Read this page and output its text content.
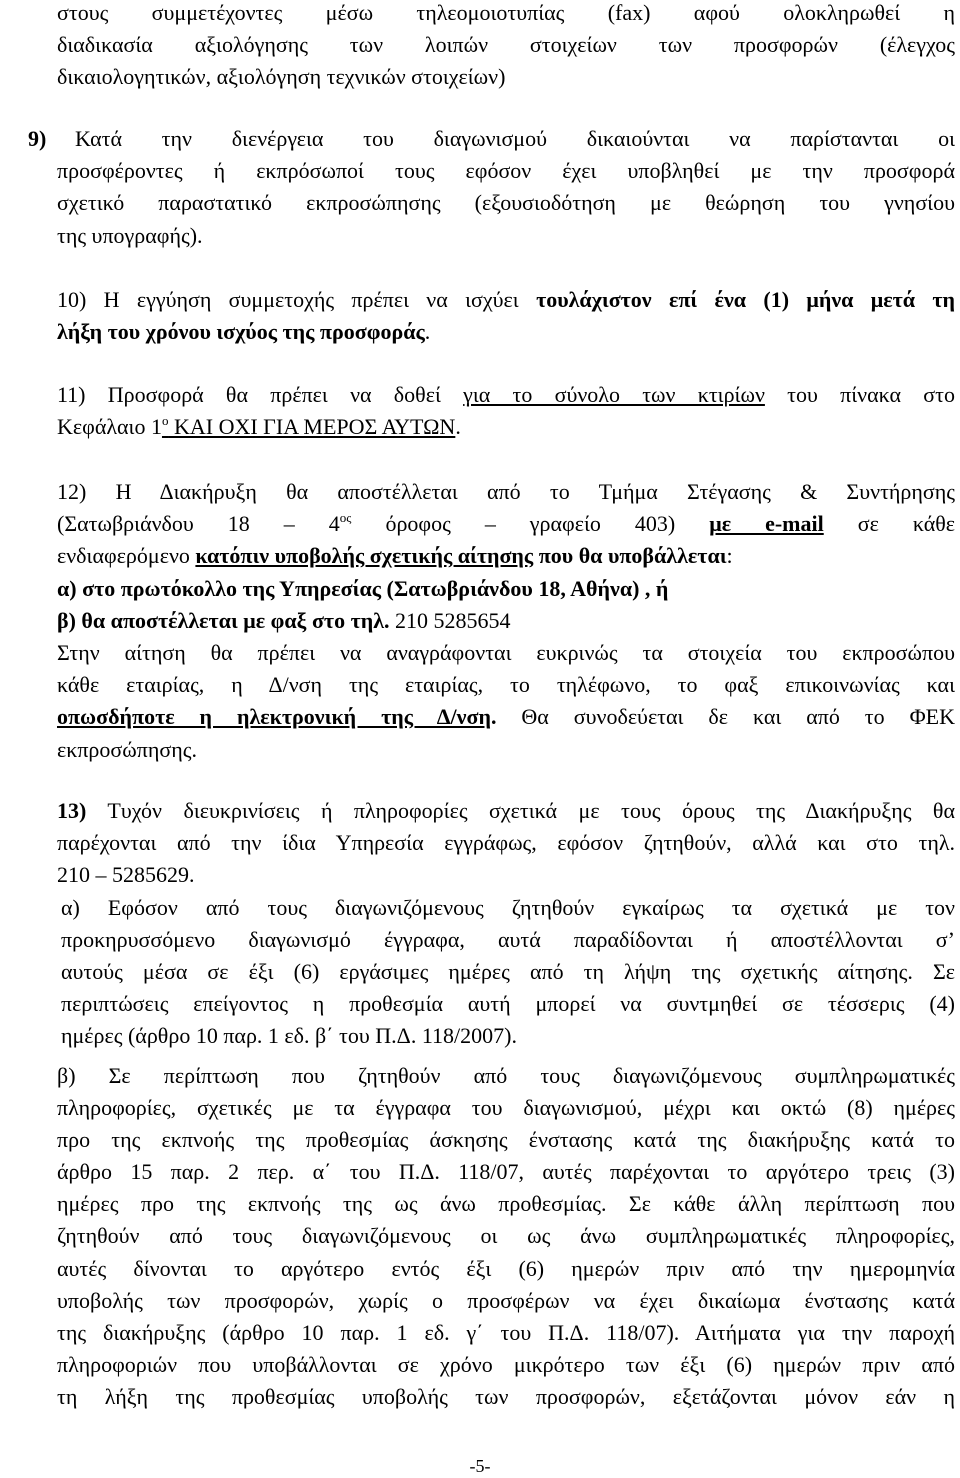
στους συμμετέχοντες μέσω τηλεομοιοτυπίας (fax) αφού ολοκληρωθεί η

διαδικασία αξιολόγησης των λοιπών στοιχείων των προσφορών (έλεγχος

δικαιολογητικών, αξιολόγηση τεχνικών στοιχείων)

9) Κατά την διενέργεια του διαγωνισμού δικαιούνται να παρίστανται οι

προσφέροντες ή εκπρόσωποί τους εφόσον έχει υποβληθεί με την προσφορά

σχετικό παραστατικό εκπροσώπησης (εξουσιοδότηση με θεώρηση του γνησίου

της υπογραφής).

10) Η εγγύηση συμμετοχής πρέπει να ισχύει τουλάχιστον επί ένα (1) μήνα μετά τη

λήξη του χρόνου ισχύος της προσφοράς.

11) Προσφορά θα πρέπει να δοθεί για το σύνολο των κτιρίων του πίνακα στο

Κεφάλαιο $1^o$ ΚΑΙ ΟΧΙ ΓΙΑ ΜΕΡΟΣ ΑΥΤΩΝ.

12) Η Διακήρυξη θα αποστέλλεται από το Τμήμα Στέγασης & Συντήρησης

(Σατωβριάνδου $18 - 4^{o\varsigma}$ όροφος – γραφείο 403) με e-mail σε κάθε

ενδιαφερόμενο κατόπιν υποβολής σχετικής αίτησης που θα υποβάλλεται:

α) στο πρωτόκολλο της Υπηρεσίας (Σατωβριάνδου 18, Αθήνα) , ή

β) θα αποστέλλεται με φαξ στο τηλ. 210 5285654

Στην αίτηση θα πρέπει να αναγράφονται ευκρινώς τα στοιχεία του εκπροσώπου

κάθε εταιρίας, η Δ/νση της εταιρίας, το τηλέφωνο, το φαξ επικοινωνίας και

οπωσδήποτε η ηλεκτρονική της Δ/νση. Θα συνοδεύεται δε και από το ΦΕΚ

εκπροσώπησης.

13) Τυχόν διευκρινίσεις ή πληροφορίες σχετικά με τους όρους της Διακήρυξης θα

παρέχονται από την ίδια Υπηρεσία εγγράφως, εφόσον ζητηθούν, αλλά και στο τηλ.

210 – 5285629.

α) Εφόσον από τους διαγωνιζόμενους ζητηθούν εγκαίρως τα σχετικά με τον

προκηρυσσόμενο διαγωνισμό έγγραφα, αυτά παραδίδονται ή αποστέλλονται σ’

αυτούς μέσα σε έξι (6) εργάσιμες ημέρες από τη λήψη της σχετικής αίτησης. Σε

περιπτώσεις επείγοντος η προθεσμία αυτή μπορεί να συντμηθεί σε τέσσερις (4)

ημέρες (άρθρο 10 παρ. 1 εδ. β΄ του Π.Δ. 118/2007).

β) Σε περίπτωση που ζητηθούν από τους διαγωνιζόμενους συμπληρωματικές

πληροφορίες, σχετικές με τα έγγραφα του διαγωνισμού, μέχρι και οκτώ (8) ημέρες

προ της εκπνοής της προθεσμίας άσκησης ένστασης κατά της διακήρυξης κατά το

άρθρο 15 παρ. 2 περ. α΄ του Π.Δ. 118/07, αυτές παρέχονται το αργότερο τρεις (3)

ημέρες προ της εκπνοής της ως άνω προθεσμίας. Σε κάθε άλλη περίπτωση που

ζητηθούν από τους διαγωνιζόμενους οι ως άνω συμπληρωματικές πληροφορίες,

αυτές δίνονται το αργότερο εντός έξι (6) ημερών πριν από την ημερομηνία

υποβολής των προσφορών, χωρίς ο προσφέρων να έχει δικαίωμα ένστασης κατά

της διακήρυξης (άρθρο 10 παρ. 1 εδ. γ΄ του Π.Δ. 118/07). Αιτήματα για την παροχή

πληροφοριών που υποβάλλονται σε χρόνο μικρότερο των έξι (6) ημερών πριν από

τη λήξη της προθεσμίας υποβολής των προσφορών, εξετάζονται μόνον εάν η

-5-
